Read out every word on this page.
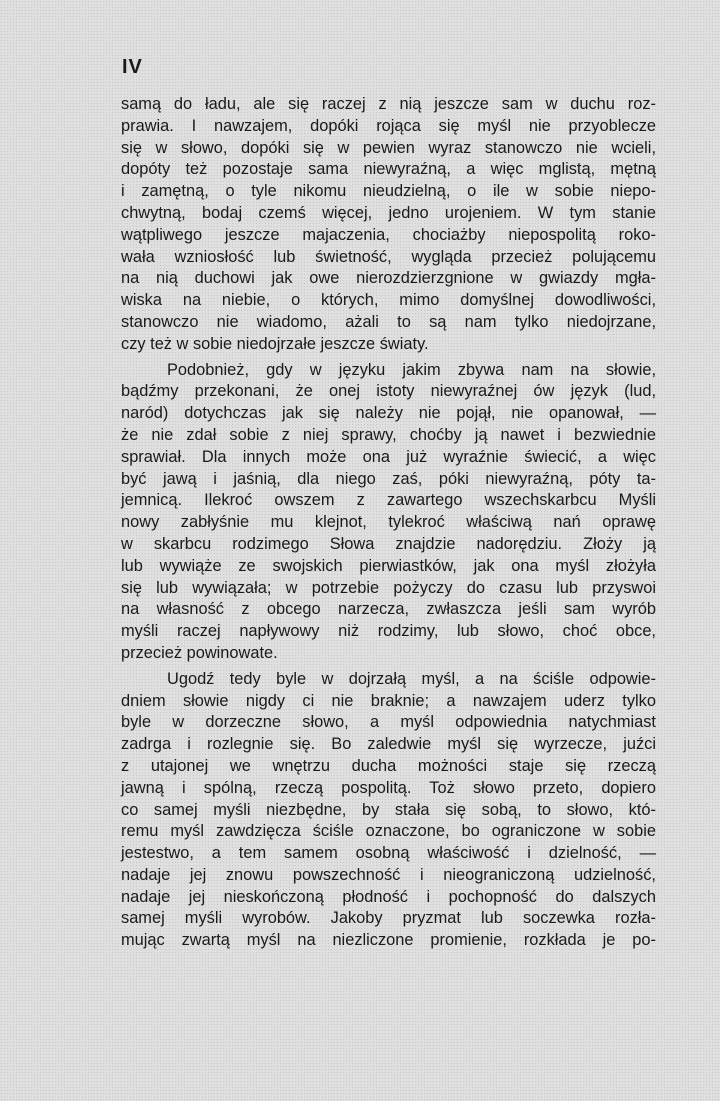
IV
samą do ładu, ale się raczej z nią jeszcze sam w duchu roz-
prawia. I nawzajem, dopóki rojąca się myśl nie przyoblecze
się w słowo, dopóki się w pewien wyraz stanowczo nie wcieli,
dopóty też pozostaje sama niewyraźną, a więc mglistą, mętną
i zamętną, o tyle nikomu nieudzielną, o ile w sobie niepo-
chwytną, bodaj czemś więcej, jedno urojeniem. W tym stanie
wątpliwego jeszcze majaczenia, chociażby niepospolitą roko-
wała wzniosłość lub świetność, wygląda przecież polującemu
na nią duchowi jak owe nierozdzierzgnione w gwiazdy mgła-
wiska na niebie, o których, mimo domyślnej dowodliwości,
stanowczo nie wiadomo, ażali to są nam tylko niedojrzane,
czy też w sobie niedojrzałe jeszcze światy.
Podobnież, gdy w języku jakim zbywa nam na słowie,
bądźmy przekonani, że onej istoty niewyraźnej ów język (lud,
naród) dotychczas jak się należy nie pojął, nie opanował, —
że nie zdał sobie z niej sprawy, choćby ją nawet i bezwiednie
sprawiał. Dla innych może ona już wyraźnie świecić, a więc
być jawą i jaśnią, dla niego zaś, póki niewyraźną, póty ta-
jemnicą. Ilekroć owszem z zawartego wszechskarbcu Myśli
nowy zabłyśnie mu klejnot, tylekroć właściwą nań oprawę
w skarbcu rodzimego Słowa znajdzie nadorędziu. Złoży ją
lub wywiąże ze swojskich pierwiastków, jak ona myśl złożyła
się lub wywiązała; w potrzebie pożyczy do czasu lub przyswoi
na własność z obcego narzecza, zwłaszcza jeśli sam wyrób
myśli raczej napływowy niż rodzimy, lub słowo, choć obce,
przecież powinowate.
Ugodź tedy byle w dojrzałą myśl, a na ściśle odpowie-
dniem słowie nigdy ci nie braknie; a nawzajem uderz tylko
byle w dorzeczne słowo, a myśl odpowiednia natychmiast
zadrga i rozlegnie się. Bo zaledwie myśl się wyrzecze, juźci
z utajonej we wnętrzu ducha możności staje się rzeczą
jawną i spólną, rzeczą pospolitą. Toż słowo przeto, dopiero
co samej myśli niezbędne, by stała się sobą, to słowo, któ-
remu myśl zawdzięcza ściśle oznaczone, bo ograniczone w sobie
jestestwo, a tem samem osobną właściwość i dzielność, —
nadaje jej znowu powszechność i nieograniczoną udzielność,
nadaje jej nieskończoną płodność i pochopność do dalszych
samej myśli wyrobów. Jakoby pryzmat lub soczewka rozła-
mując zwartą myśl na niezliczone promienie, rozkłada je po-
